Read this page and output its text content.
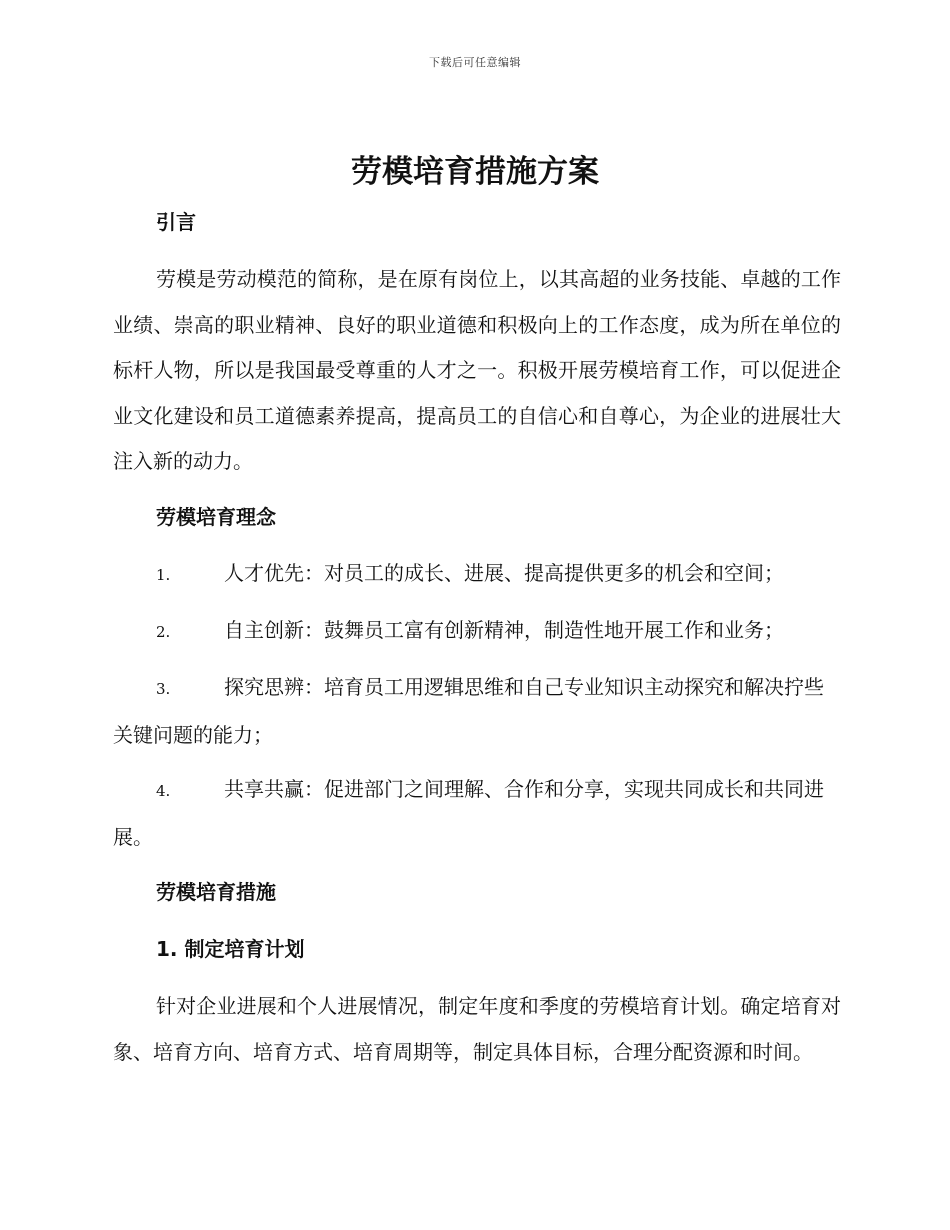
下载后可任意编辑
劳模培育措施方案
引言

劳模是劳动模范的简称，是在原有岗位上，以其高超的业务技能、卓越的工作业绩、崇高的职业精神、良好的职业道德和积极向上的工作态度，成为所在单位的标杆人物，所以是我国最受尊重的人才之一。积极开展劳模培育工作，可以促进企业文化建设和员工道德素养提高，提高员工的自信心和自尊心，为企业的进展壮大注入新的动力。

劳模培育理念
1.	人才优先：对员工的成长、进展、提高提供更多的机会和空间；
2.	自主创新：鼓舞员工富有创新精神，制造性地开展工作和业务；
3.	探究思辨：培育员工用逻辑思维和自己专业知识主动探究和解决拧些关键问题的能力；
4.	共享共赢：促进部门之间理解、合作和分享，实现共同成长和共同进展。
劳模培育措施
1. 制定培育计划

针对企业进展和个人进展情况，制定年度和季度的劳模培育计划。确定培育对象、培育方向、培育方式、培育周期等，制定具体目标，合理分配资源和时间。
